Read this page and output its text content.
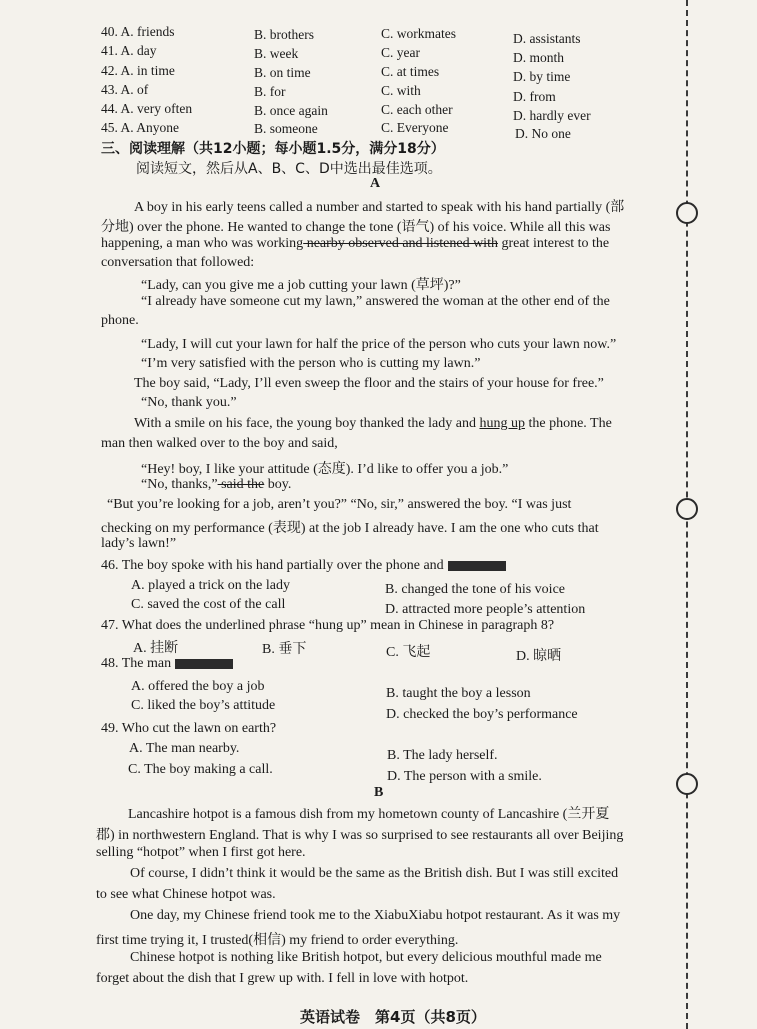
40. A. friends	B. brothers	C. workmates	D. assistants
41. A. day	B. week	C. year	D. month
42. A. in time	B. on time	C. at times	D. by time
43. A. of	B. for	C. with	D. from
44. A. very often	B. once again	C. each other	D. hardly ever
45. A. Anyone	B. someone	C. Everyone	D. No one
三、阅读理解（共12小题；每小题1.5分，满分18分）
阅读短文，然后从A、B、C、D中选出最佳选项。
A
A boy in his early teens called a number and started to speak with his hand partially (部
分地) over the phone. He wanted to change the tone (语气) of his voice. While all this was
happening, a man who was working nearby observed and listened with great interest to the
conversation that followed:
“Lady, can you give me a job cutting your lawn (草坪)?”
“I already have someone cut my lawn,” answered the woman at the other end of the
phone.
“Lady, I will cut your lawn for half the price of the person who cuts your lawn now.”
“I’m very satisfied with the person who is cutting my lawn.”
The boy said, “Lady, I’ll even sweep the floor and the stairs of your house for free.”
“No, thank you.”
With a smile on his face, the young boy thanked the lady and hung up the phone. The
man then walked over to the boy and said,
“Hey! boy, I like your attitude (态度). I’d like to offer you a job.”
“No, thanks,” said the boy.
“But you’re looking for a job, aren’t you?” “No, sir,” answered the boy. “I was just
checking on my performance (表现) at the job I already have. I am the one who cuts that
lady’s lawn!”
46. The boy spoke with his hand partially over the phone and
A. played a trick on the lady	B. changed the tone of his voice
C. saved the cost of the call	D. attracted more people’s attention
47. What does the underlined phrase “hung up” mean in Chinese in paragraph 8?
A. 挂断	B. 垂下	C. 飞起	D. 晾晒
48. The man
A. offered the boy a job	B. taught the boy a lesson
C. liked the boy’s attitude
D. checked the boy’s performance
49. Who cut the lawn on earth?
A. The man nearby.	B. The lady herself.
C. The boy making a call.	D. The person with a smile.
B
Lancashire hotpot is a famous dish from my hometown county of Lancashire (兰开夏
郡) in northwestern England. That is why I was so surprised to see restaurants all over Beijing
selling “hotpot” when I first got here.
Of course, I didn’t think it would be the same as the British dish. But I was still excited
to see what Chinese hotpot was.
One day, my Chinese friend took me to the XiabuXiabu hotpot restaurant. As it was my
first time trying it, I trusted(相信) my friend to order everything.
Chinese hotpot is nothing like British hotpot, but every delicious mouthful made me
forget about the dish that I grew up with. I fell in love with hotpot.
英语试卷　第4页（共8页）
